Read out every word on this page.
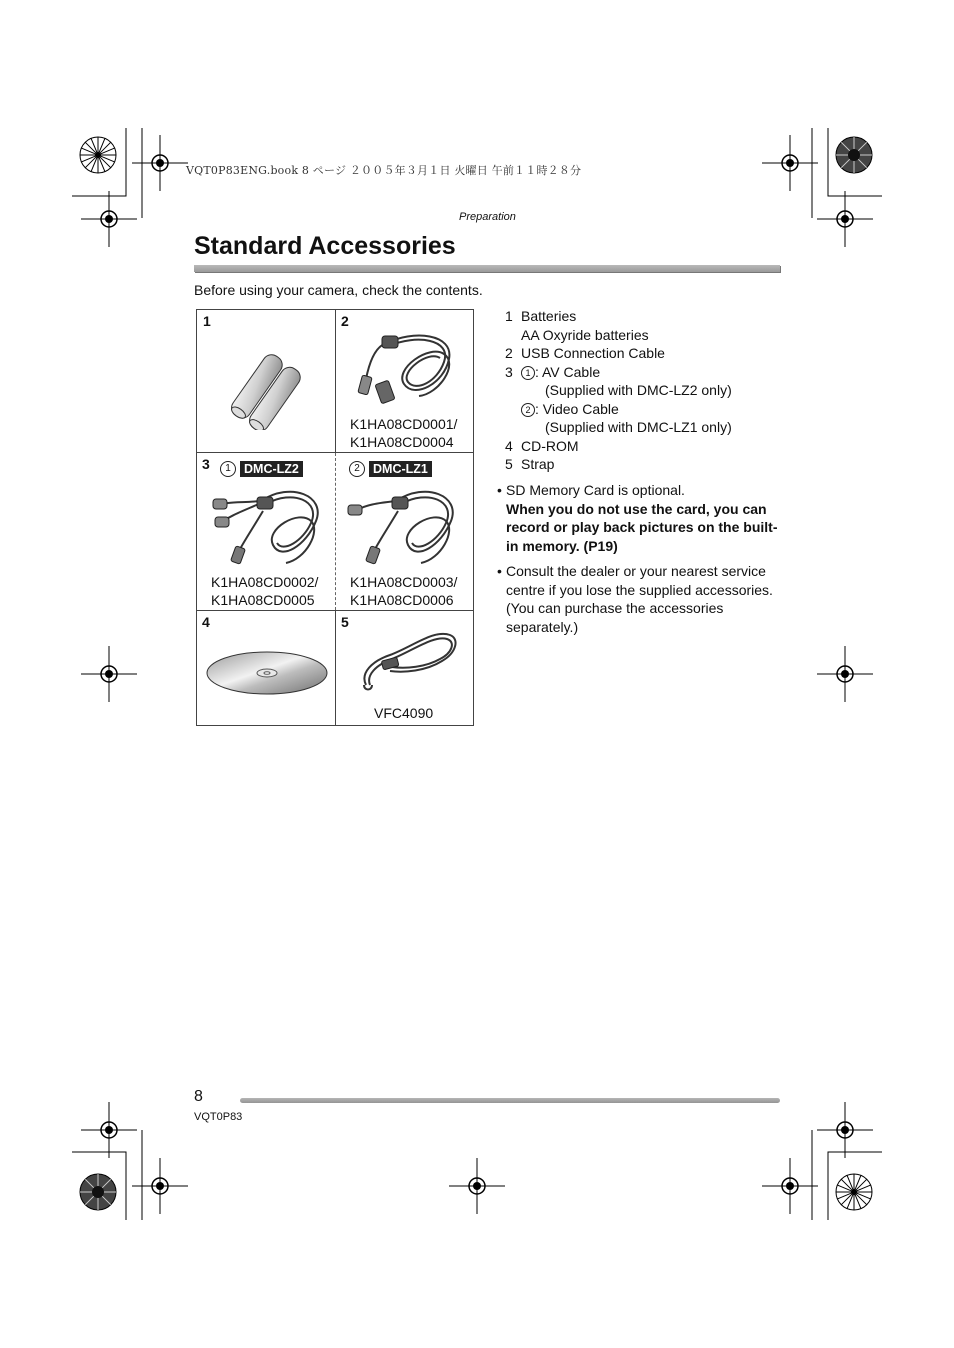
VQT0P83ENG.book 8 ページ ２００５年３月１日 火曜日 午前１１時２８分
Preparation
Standard Accessories
Before using your camera, check the contents.
1	2
K1HA08CD0001/
K1HA08CD0004
3	1	DMC-LZ2
K1HA08CD0002/
K1HA08CD0005
2	DMC-LZ1
K1HA08CD0003/
K1HA08CD0006
4	5
VFC4090
1 Batteries
AA Oxyride batteries
2 USB Connection Cable
3	1 : AV Cable
(Supplied with DMC-LZ2 only)
2 : Video Cable
(Supplied with DMC-LZ1 only)
4 CD-ROM
5 Strap
• SD Memory Card is optional.
When you do not use the card, you can record or play back pictures on the built-in memory. (P19)
• Consult the dealer or your nearest service centre if you lose the supplied accessories. (You can purchase the accessories separately.)
8
VQT0P83
